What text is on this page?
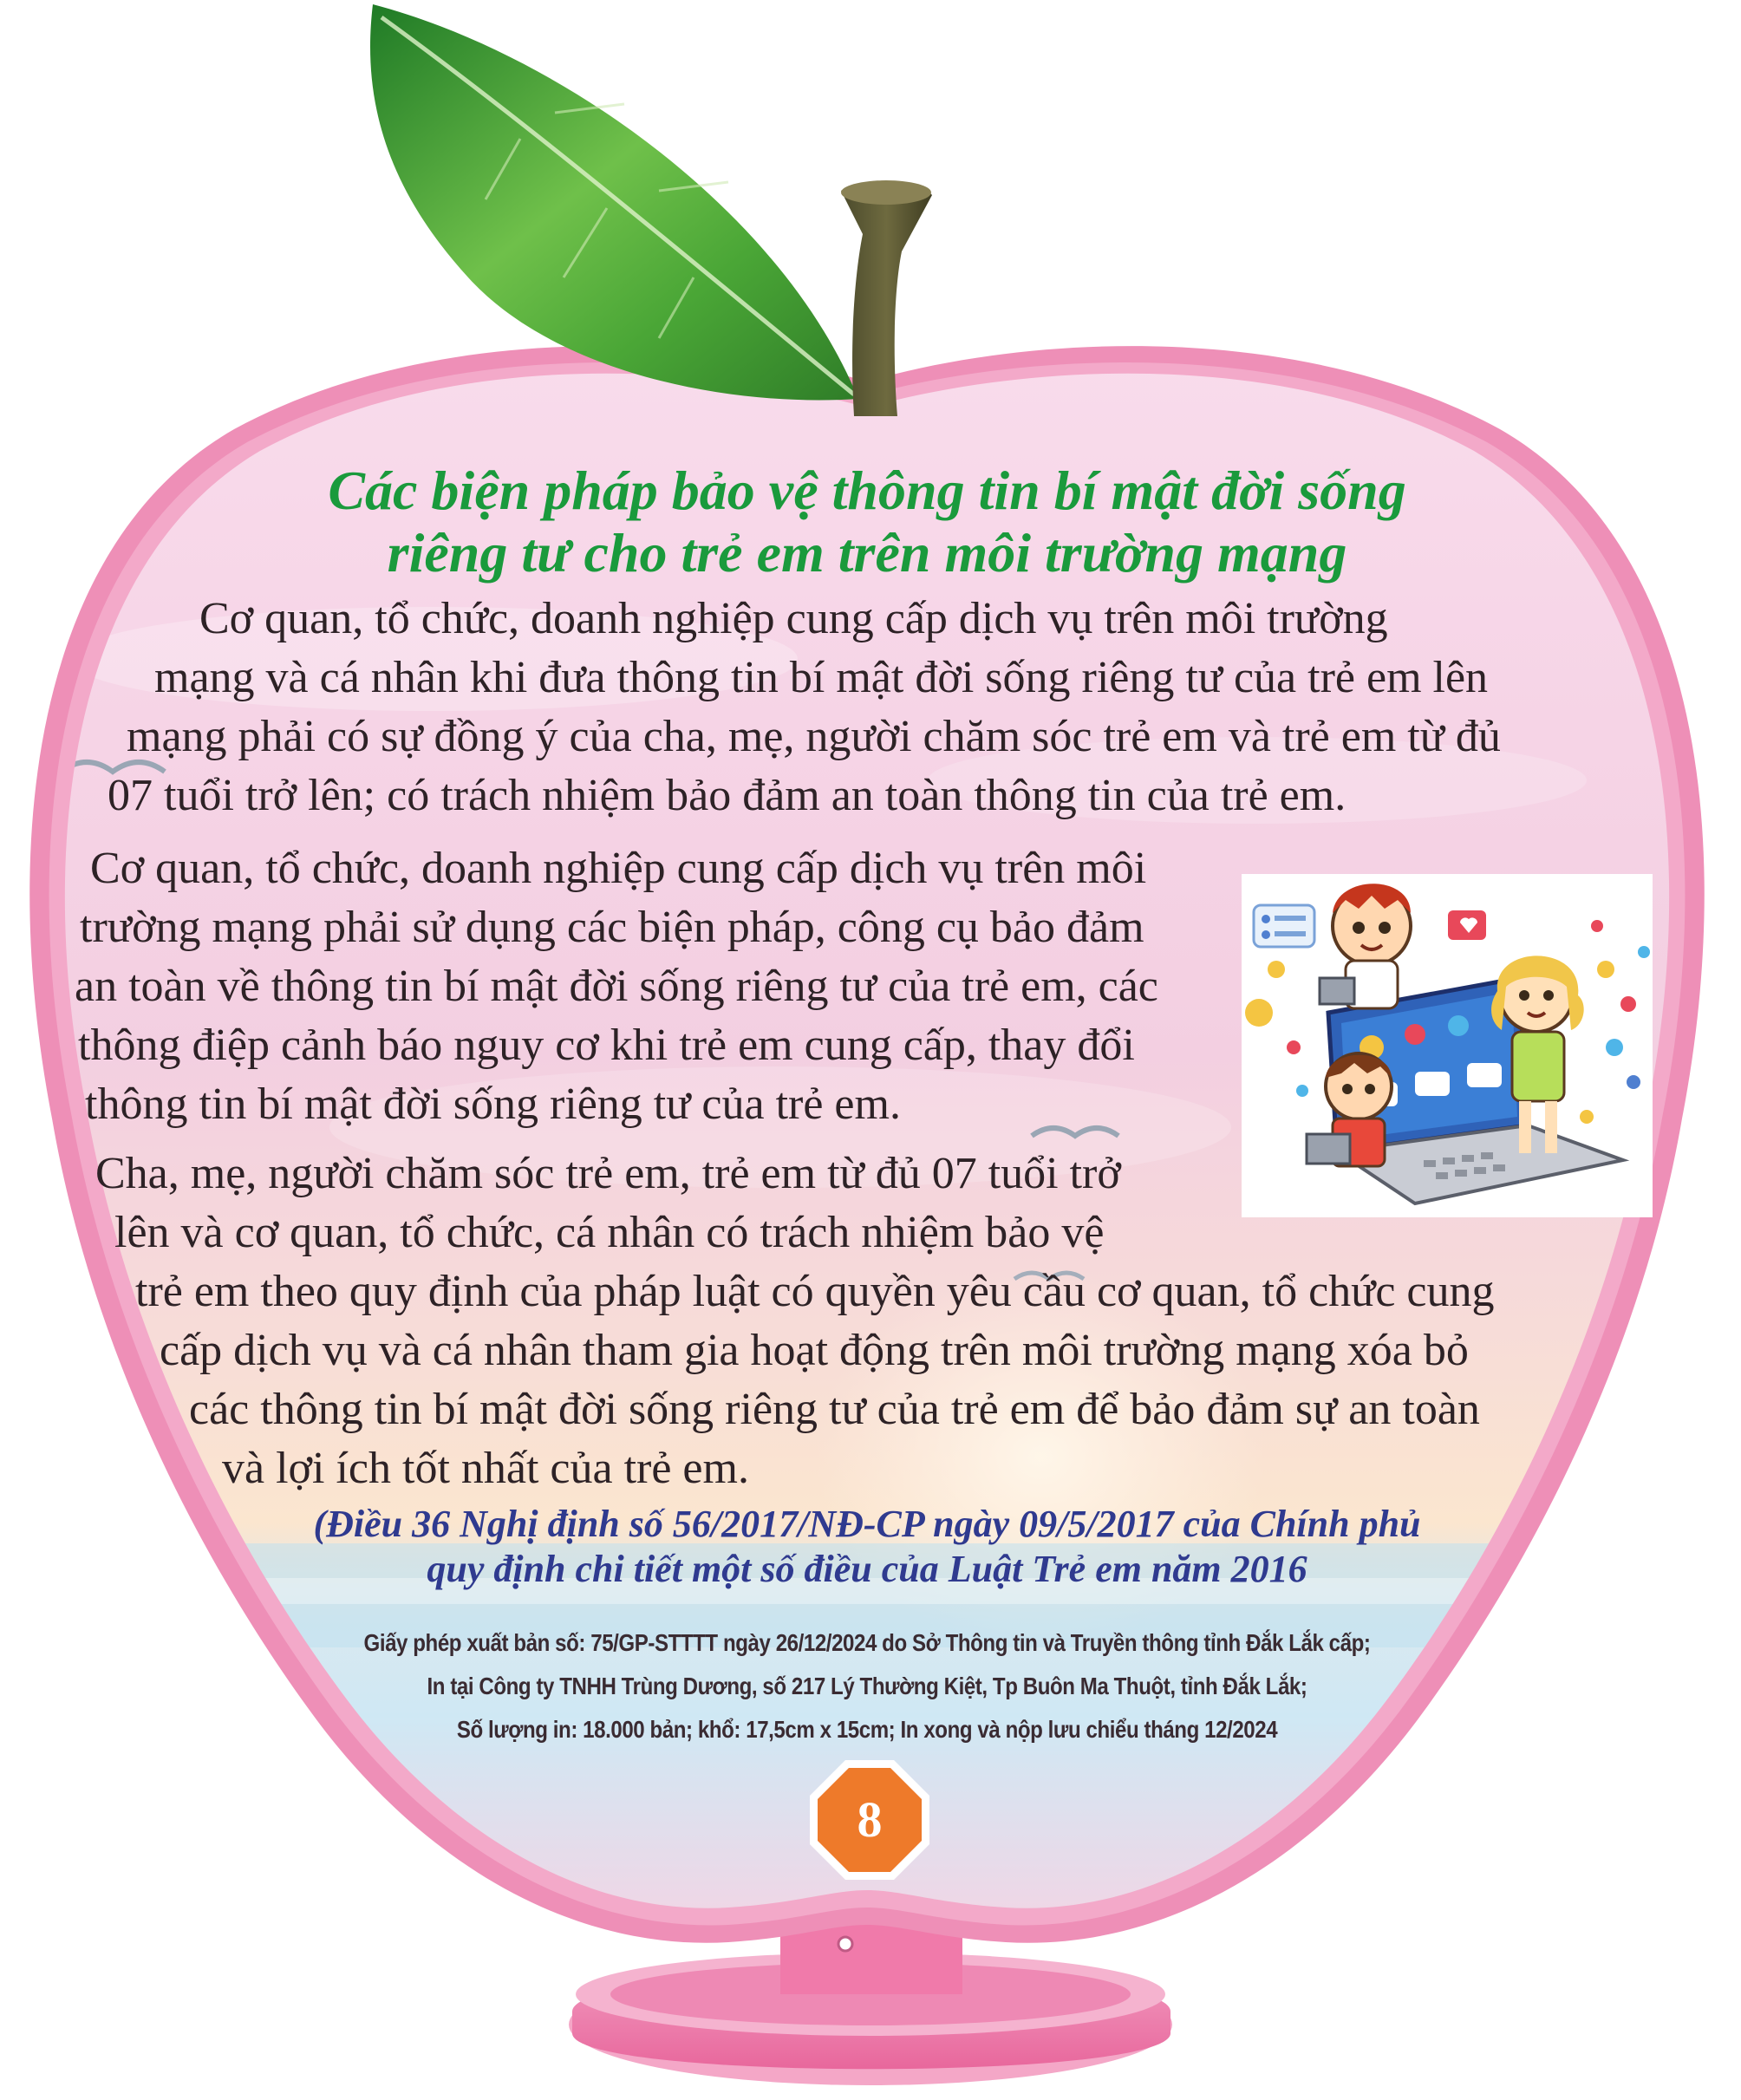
Các biện pháp bảo vệ thông tin bí mật đời sống
riêng tư cho trẻ em trên môi trường mạng
Cơ quan, tổ chức, doanh nghiệp cung cấp dịch vụ trên môi trường
mạng và cá nhân khi đưa thông tin bí mật đời sống riêng tư của trẻ em lên
mạng phải có sự đồng ý của cha, mẹ, người chăm sóc trẻ em và trẻ em từ đủ
07 tuổi trở lên; có trách nhiệm bảo đảm an toàn thông tin của trẻ em.
Cơ quan, tổ chức, doanh nghiệp cung cấp dịch vụ trên môi
trường mạng phải sử dụng các biện pháp, công cụ bảo đảm
an toàn về thông tin bí mật đời sống riêng tư của trẻ em, các
thông điệp cảnh báo nguy cơ khi trẻ em cung cấp, thay đổi
thông tin bí mật đời sống riêng tư của trẻ em.
Cha, mẹ, người chăm sóc trẻ em, trẻ em từ đủ 07 tuổi trở
lên và cơ quan, tổ chức, cá nhân có trách nhiệm bảo vệ
trẻ em theo quy định của pháp luật có quyền yêu cầu cơ quan, tổ chức cung
cấp dịch vụ và cá nhân tham gia hoạt động trên môi trường mạng xóa bỏ
các thông tin bí mật đời sống riêng tư của trẻ em để bảo đảm sự an toàn
và lợi ích tốt nhất của trẻ em.
(Điều 36 Nghị định số 56/2017/NĐ-CP ngày 09/5/2017 của Chính phủ
quy định chi tiết một số điều của Luật Trẻ em năm 2016
Giấy phép xuất bản số: 75/GP-STTTT ngày 26/12/2024 do Sở Thông tin và Truyền thông tỉnh Đắk Lắk cấp;
In tại Công ty TNHH Trùng Dương, số 217 Lý Thường Kiệt, Tp Buôn Ma Thuột, tỉnh Đắk Lắk;
Số lượng in: 18.000 bản; khổ: 17,5cm x 15cm; In xong và nộp lưu chiểu tháng 12/2024
8
